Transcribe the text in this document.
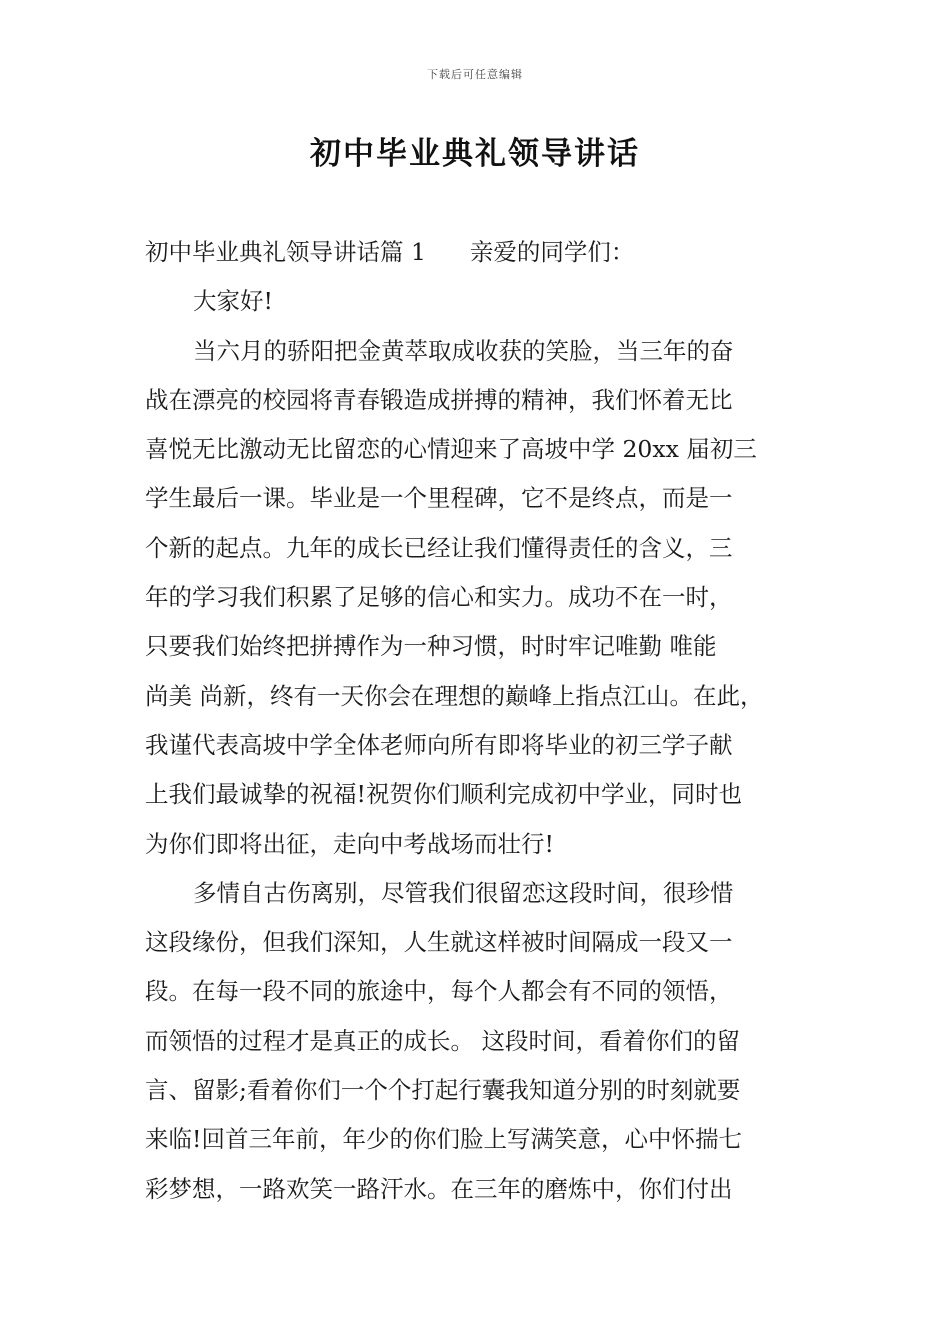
下载后可任意编辑
初中毕业典礼领导讲话
初中毕业典礼领导讲话篇 1 亲爱的同学们：
大家好!
当六月的骄阳把金黄萃取成收获的笑脸，当三年的奋
战在漂亮的校园将青春锻造成拼搏的精神，我们怀着无比
喜悦无比激动无比留恋的心情迎来了高坡中学 20xx 届初三
学生最后一课。毕业是一个里程碑，它不是终点，而是一
个新的起点。九年的成长已经让我们懂得责任的含义，三
年的学习我们积累了足够的信心和实力。成功不在一时，
只要我们始终把拼搏作为一种习惯，时时牢记唯勤 唯能
尚美 尚新，终有一天你会在理想的巅峰上指点江山。在此，
我谨代表高坡中学全体老师向所有即将毕业的初三学子献
上我们最诚挚的祝福!祝贺你们顺利完成初中学业，同时也
为你们即将出征，走向中考战场而壮行!
多情自古伤离别，尽管我们很留恋这段时间，很珍惜
这段缘份，但我们深知，人生就这样被时间隔成一段又一
段。在每一段不同的旅途中，每个人都会有不同的领悟，
而领悟的过程才是真正的成长。 这段时间，看着你们的留
言、留影;看着你们一个个打起行囊我知道分别的时刻就要
来临!回首三年前，年少的你们脸上写满笑意，心中怀揣七
彩梦想，一路欢笑一路汗水。在三年的磨炼中，你们付出
